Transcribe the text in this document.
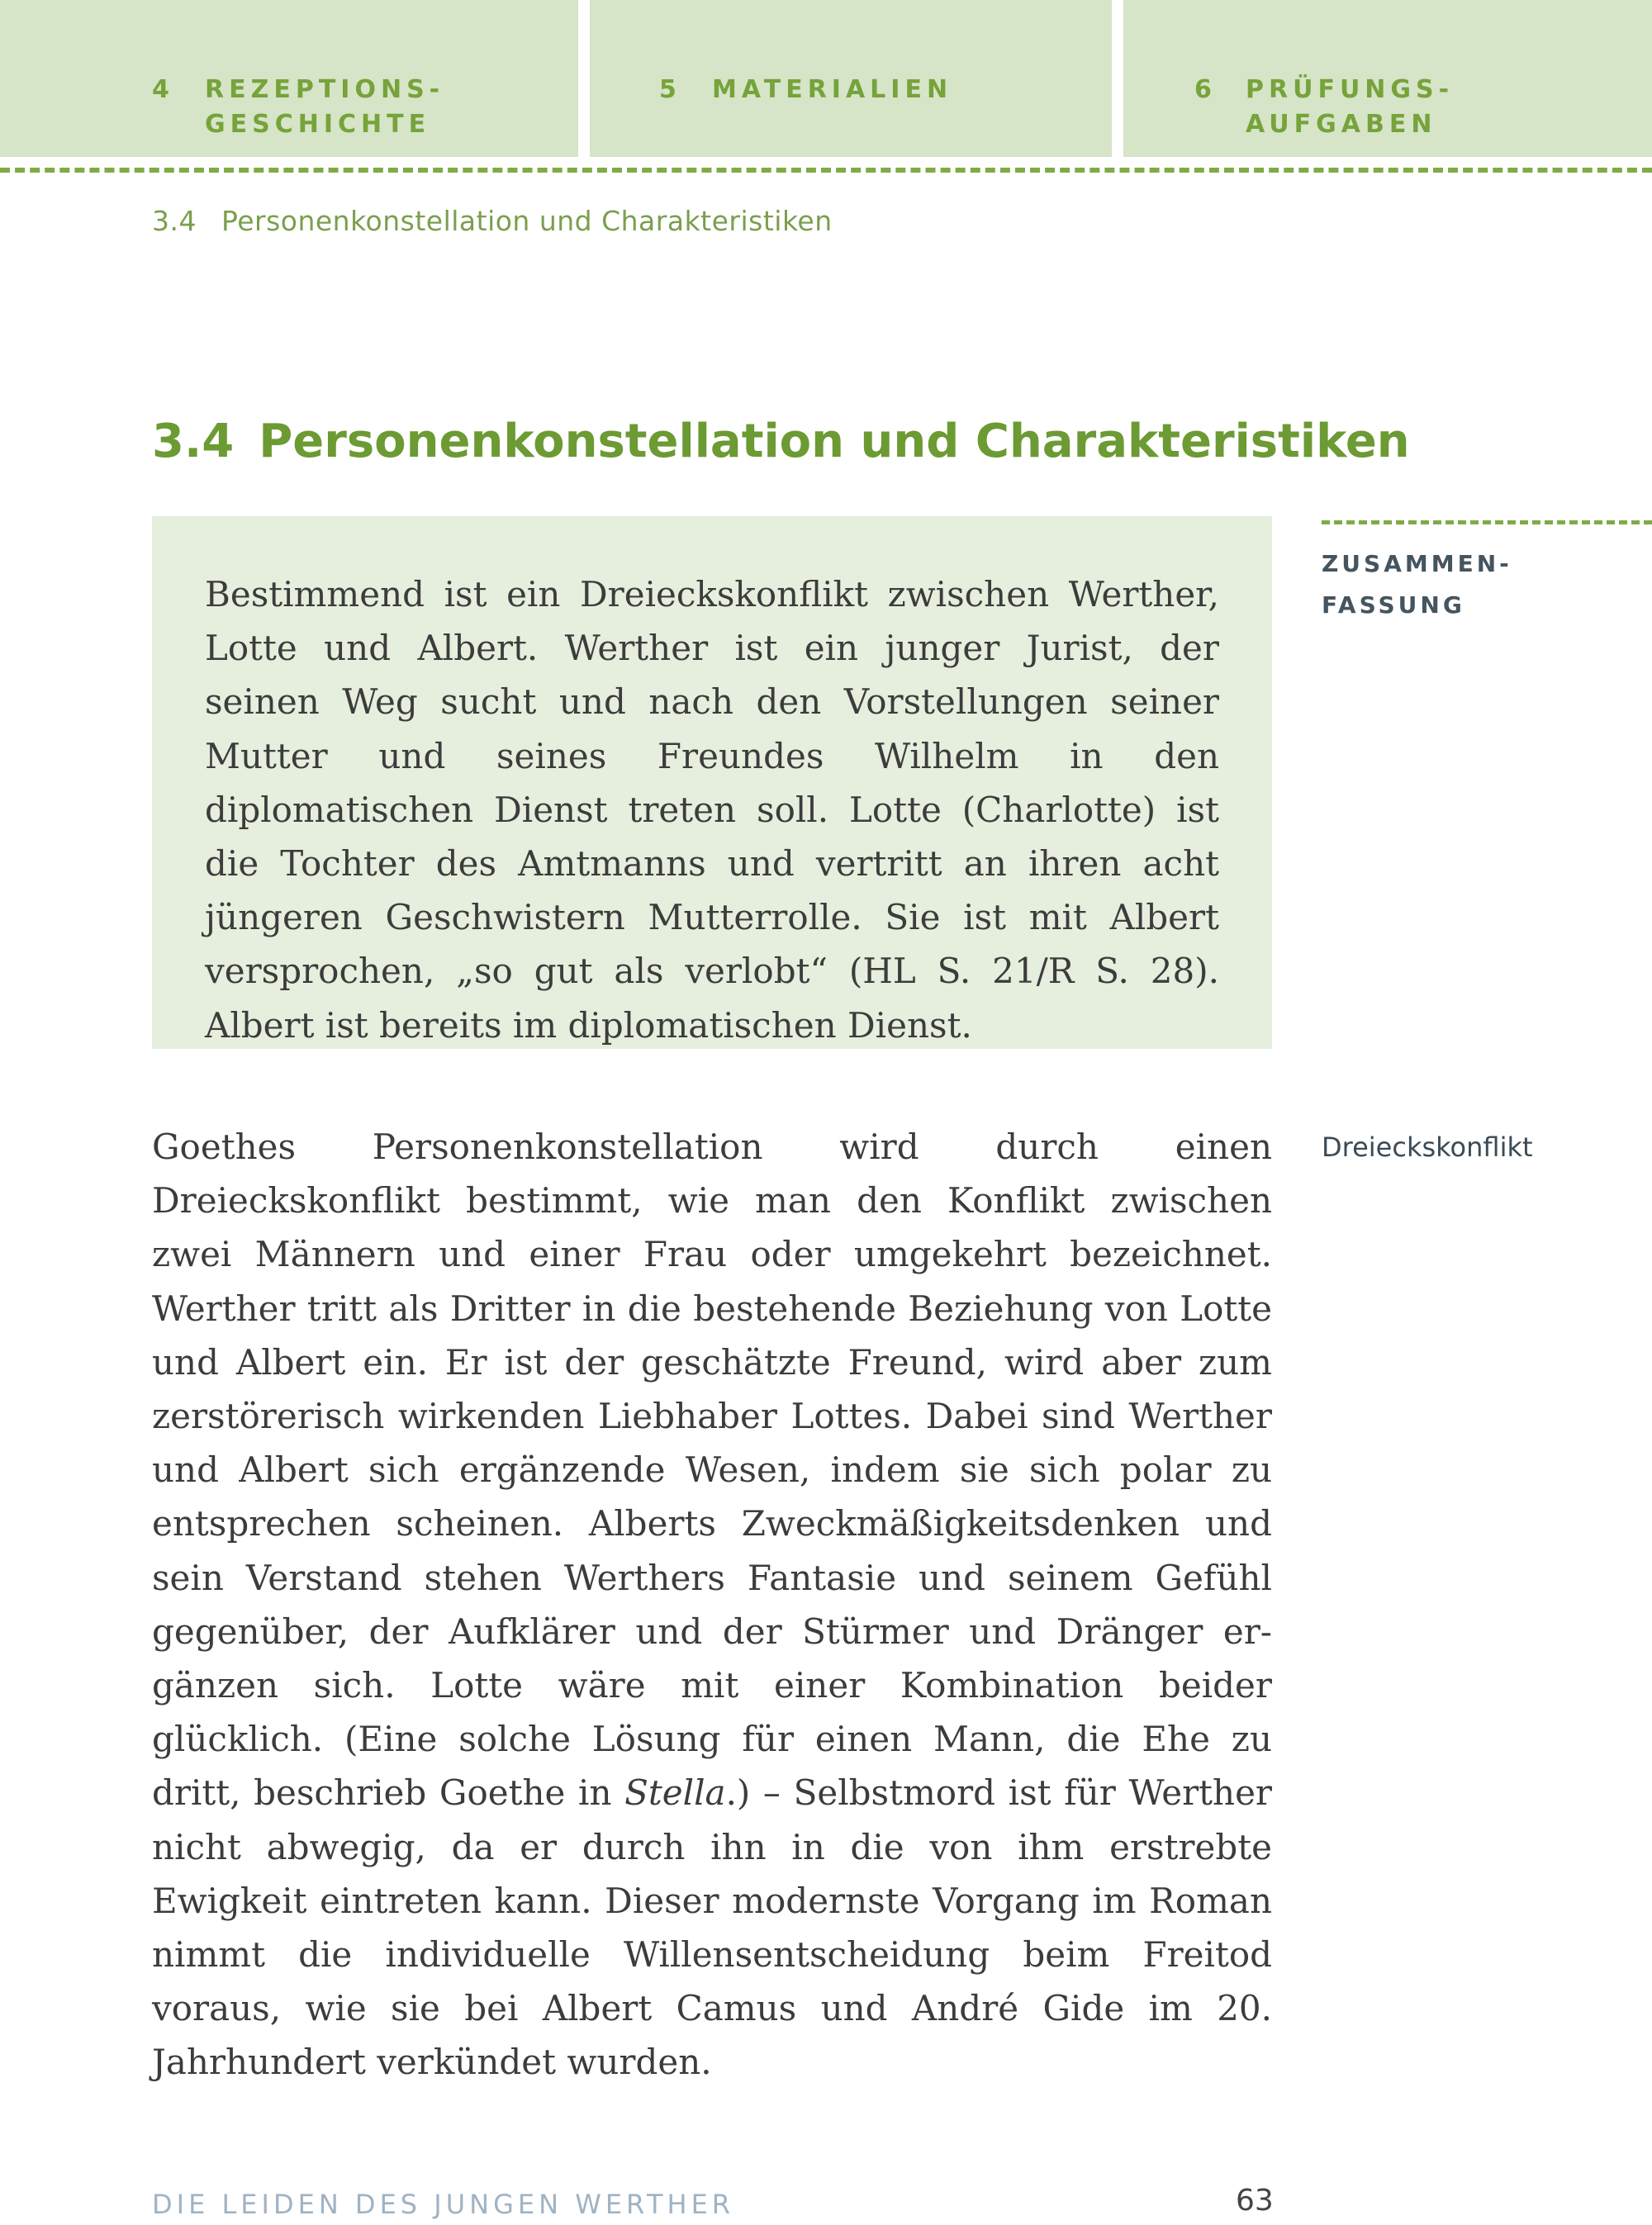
4 REZEPTIONS-
GESCHICHTE
5 MATERIALIEN	6 PRÜFUNGS-
AUFGABEN
3.4 Personenkonstellation und Charakteristiken
3.4 Personenkonstellation und Charakteristiken

Bestimmend ist ein Dreieckskonflikt zwischen Werther, Lotte und Albert. Werther ist ein junger Jurist, der seinen Weg sucht und nach den Vorstellungen seiner Mutter und seines Freundes Wilhelm in den diplomatischen Dienst treten soll. Lotte (Charlotte) ist die Tochter des Amtmanns und vertritt an ihren acht jüngeren Geschwistern Mutterrolle. Sie ist mit Albert versprochen, „so gut als verlobt“ (HL S. 21/R S. 28). Albert ist bereits im diplomatischen Dienst.

ZUSAMMEN-
FASSUNG

Goethes Personenkonstellation wird durch einen Dreieckskonflikt bestimmt, wie man den Konflikt zwischen zwei Männern und einer Frau oder umgekehrt bezeichnet. Werther tritt als Dritter in die bestehende Beziehung von Lotte und Albert ein. Er ist der geschätzte Freund, wird aber zum zerstörerisch wirkenden Liebhaber Lottes. Dabei sind Werther und Albert sich ergänzende Wesen, indem sie sich polar zu entsprechen scheinen. Alberts Zweckmäßigkeitsdenken und sein Verstand stehen Werthers Fantasie und seinem Gefühl gegenüber, der Aufklärer und der Stürmer und Dränger ergänzen sich. Lotte wäre mit einer Kombination beider glücklich. (Eine solche Lösung für einen Mann, die Ehe zu dritt, beschrieb Goethe in Stella.) – Selbstmord ist für Werther nicht abwegig, da er durch ihn in die von ihm erstrebte Ewigkeit eintreten kann. Dieser modernste Vorgang im Roman nimmt die individuelle Willensentscheidung beim Freitod voraus, wie sie bei Albert Camus und André Gide im 20. Jahrhundert verkündet wurden.

Dreieckskonflikt
DIE LEIDEN DES JUNGEN WERTHER	63
